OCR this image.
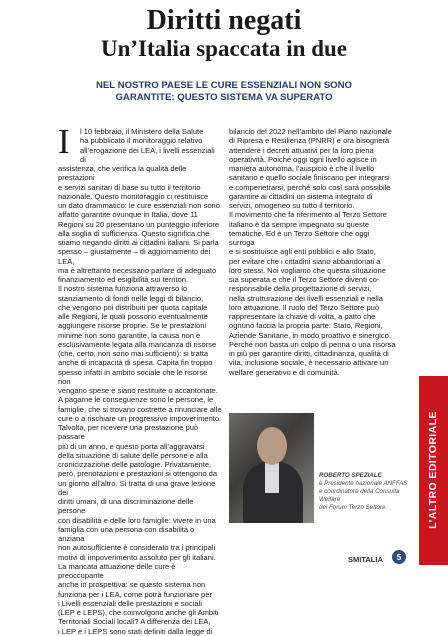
Diritti negati
Un’Italia spaccata in due
NEL NOSTRO PAESE LE CURE ESSENZIALI NON SONO GARANTITE: QUESTO SISTEMA VA SUPERATO
I	l 10 febbraio, il Ministero della Salute
ha pubblicato il monitoraggio relativo
all’erogazione dei LEA, i livelli essenziali di
assistenza, che verifica la qualità delle prestazioni
e servizi sanitari di base su tutto il territorio
nazionale. Questo monitoraggio ci restituisce
un dato drammatico: le cure essenziali non sono
affatto garantite ovunque in Italia, dove 11
Regioni su 20 presentano un punteggio inferiore
alla soglia di sufficienza. Questo significa che
stiamo negando diritti ai cittadini italiani. Si parla
spesso – giustamente – di aggiornamento dei LEA,
ma è altrettanto necessario parlare di adeguato
finanziamento ed esigibilità sui territori.
Il nostro sistema funziona attraverso lo
stanziamento di fondi nelle leggi di bilancio,
che vengono poi distribuiti per quota capitale
alle Regioni, le quali possono eventualmente
aggiungere risorse proprie. Se le prestazioni
minime non sono garantite, la causa non è
esclusivamente legata alla mancanza di risorse
(che, certo, non sono mai sufficienti): si tratta
anche di incapacità di spesa. Capita fin troppo
spesso infatti in ambito sociale che le risorse non
vengano spese e siano restituite o accantonate.
A pagarne le conseguenze sono le persone, le
famiglie, che si trovano costrette a rinunciare alle
cure o a rischiare un progressivo impoverimento.
Talvolta, per ricevere una prestazione può passare
più di un anno, e questo porta all’aggravarsi
della situazione di salute delle persone e alla
cronicizzazione delle patologie. Privatamente,
però, prenotazioni e prestazioni si ottengono da
un giorno all’altro. Si tratta di una grave lesione dei
diritti umani, di una discriminazione delle persone
con disabilità e delle loro famiglie: vivere in una
famiglia con una persona con disabilità o anziana
non autosufficiente è considerato tra i principali
motivi di impoverimento assoluto per gli italiani.
La mancata attuazione delle cure è preoccupante
anche in prospettiva: se questo sistema non
funziona per i LEA, come potrà funzionare per
i Livelli essenziali delle prestazioni e sociali
(LEP e LEPS), che coinvolgono anche gli Ambiti
Territoriali Sociali locali? A differenza dei LEA,
i LEP e i LEPS sono stati definiti dalla legge di
bilancio del 2022 nell’ambito del Piano nazionale
di Ripresa e Resilienza (PNRR) e ora bisognerà
attendere i decreti attuativi per la loro piena
operatività. Poiché oggi ogni livello agisce in
maniera autonoma, l’auspicio è che il livello
sanitario e quello sociale finiscano per integrarsi
e compenetrarsi, perché solo così sarà possibile
garantire ai cittadini un sistema integrato di
servizi, omogeneo su tutto il territorio.
Il movimento che fa riferimento al Terzo Settore
italiano è da sempre impegnato su queste
tematiche. Ed è un Terzo Settore che oggi surroga
e si sostituisce agli enti pubblici e allo Stato,
per evitare che i cittadini siano abbandonati a
loro stessi. Noi vogliamo che questa situazione
sia superata e che il Terzo Settore diventi co-
responsabile della progettazione di servizi,
nella strutturazione dei livelli essenziali e nella
loro attuazione. Il ruolo del Terzo Settore può
rappresentare la chiave di volta, a patto che
ognuno faccia la propria parte: Stato, Regioni,
Aziende Sanitarie, in modo proattivo e sinergico.
Perché non basta un colpo di penna o una risorsa
in più per garantire diritti, cittadinanza, qualità di
vita, inclusione sociale, è necessario attivare un
welfare generativo e di comunità.
ROBERTO SPEZIALE
è Presidente nazionale ANFFAS
e coordinatore della Consulta Welfare
del Forum Terzo Settore.	L’ALTRO EDITORIALE
SMITALIA	5
